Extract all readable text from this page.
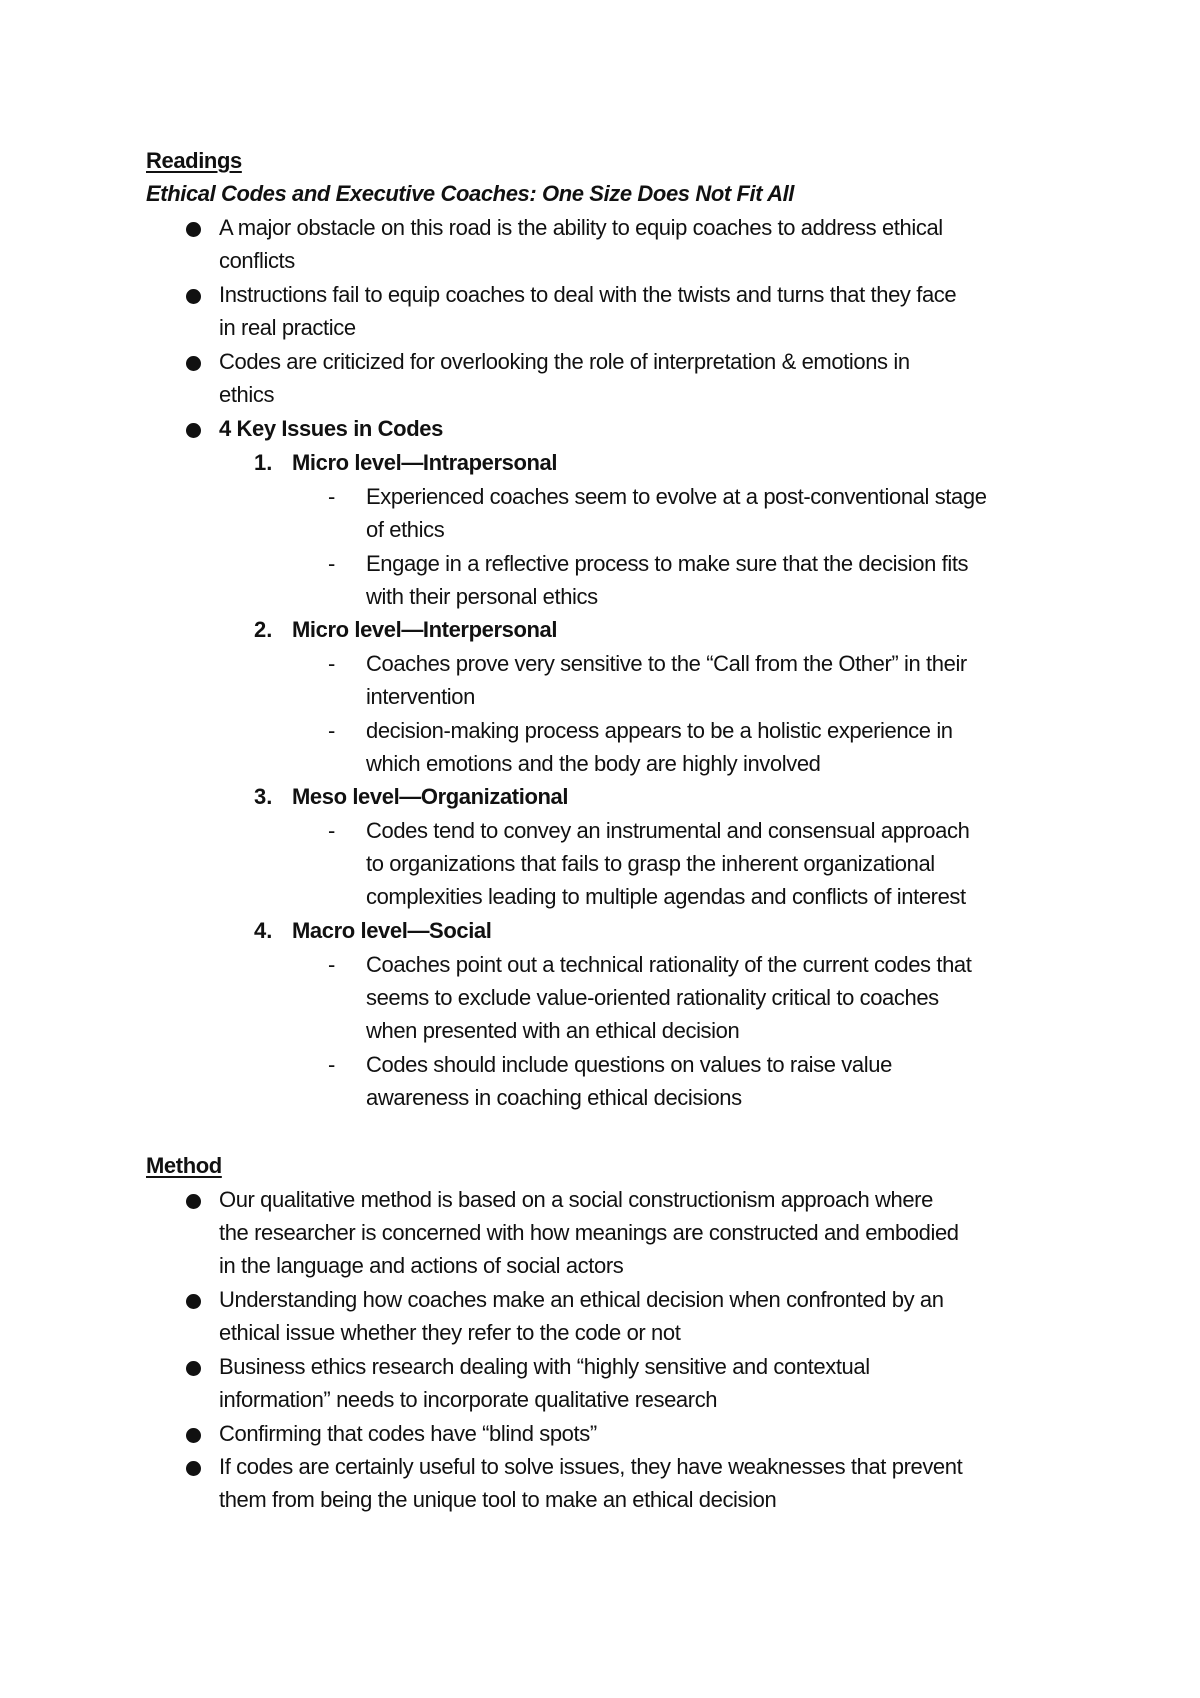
Readings
Ethical Codes and Executive Coaches: One Size Does Not Fit All
A major obstacle on this road is the ability to equip coaches to address ethical
conflicts
Instructions fail to equip coaches to deal with the twists and turns that they face
in real practice
Codes are criticized for overlooking the role of interpretation & emotions in
ethics
4 Key Issues in Codes
1. Micro level—Intrapersonal
- Experienced coaches seem to evolve at a post-conventional stage
of ethics
- Engage in a reflective process to make sure that the decision fits
with their personal ethics
2. Micro level—Interpersonal
- Coaches prove very sensitive to the “Call from the Other” in their
intervention
- decision-making process appears to be a holistic experience in
which emotions and the body are highly involved
3. Meso level—Organizational
- Codes tend to convey an instrumental and consensual approach
to organizations that fails to grasp the inherent organizational
complexities leading to multiple agendas and conflicts of interest
4. Macro level—Social
- Coaches point out a technical rationality of the current codes that
seems to exclude value-oriented rationality critical to coaches
when presented with an ethical decision
- Codes should include questions on values to raise value
awareness in coaching ethical decisions
Method
Our qualitative method is based on a social constructionism approach where
the researcher is concerned with how meanings are constructed and embodied
in the language and actions of social actors
Understanding how coaches make an ethical decision when confronted by an
ethical issue whether they refer to the code or not
Business ethics research dealing with “highly sensitive and contextual
information” needs to incorporate qualitative research
Confirming that codes have “blind spots”
If codes are certainly useful to solve issues, they have weaknesses that prevent
them from being the unique tool to make an ethical decision
